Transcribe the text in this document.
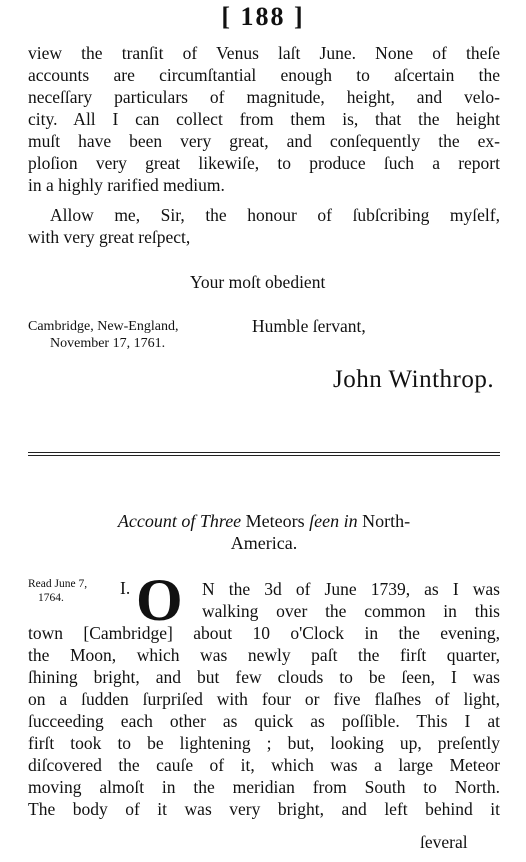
[ 188 ]
view the tranſit of Venus laſt June. None of theſe
accounts are circumſtantial enough to aſcertain the
neceſſary particulars of magnitude, height, and velo-
city. All I can collect from them is, that the height
muſt have been very great, and conſequently the ex-
ploſion very great likewiſe, to produce ſuch a report
in a highly rarified medium.
Allow me, Sir, the honour of ſubſcribing myſelf,
with very great reſpect,
Your moſt obedient
Cambridge, New-England,
November 17, 1761.
Humble ſervant,
John Winthrop.
Account of Three Meteors ſeen in North-
America.
Read June 7,
1764.	I. O	N the 3d of June 1739, as I was
walking over the common in this
town [Cambridge] about 10 o'Clock in the evening,
the Moon, which was newly paſt the firſt quarter,
ſhining bright, and but few clouds to be ſeen, I was
on a ſudden ſurpriſed with four or five flaſhes of light,
ſucceeding each other as quick as poſſible. This I at
firſt took to be lightening ; but, looking up, preſently
diſcovered the cauſe of it, which was a large Meteor
moving almoſt in the meridian from South to North.
The body of it was very bright, and left behind it
ſeveral
